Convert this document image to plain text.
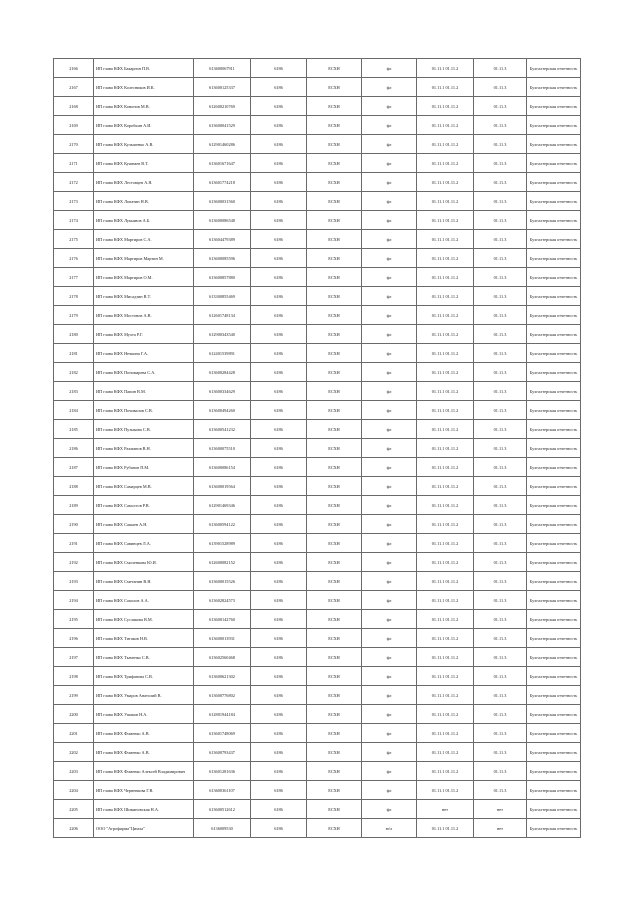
2166	ИП глава КФХ Бакаргин П.В.	613600067911	6186	ЕСХН	фл	01.11.1 01.11.2	01.11.3	Бухгалтерская отчетность
2167	ИП глава КФХ Колесников И.К.	613600125337	6186	ЕСХН	фл	01.11.1 01.11.2	01.11.3	Бухгалтерская отчетность
2168	ИП глава КФХ Кононов М.В.	612600210769	6186	ЕСХН	фл	01.11.1 01.11.2	01.11.3	Бухгалтерская отчетность
2169	ИП глава КФХ Коробкин А.И.	613600041529	6186	ЕСХН	фл	01.11.1 01.11.2	01.11.3	Бухгалтерская отчетность
2170	ИП глава КФХ Кульшенко А.В.	612901460286	6186	ЕСХН	фл	01.11.1 01.11.2	01.11.3	Бухгалтерская отчетность
2171	ИП глава КФХ Кушнаев В.Т.	613601671647	6186	ЕСХН	фл	01.11.1 01.11.2	01.11.3	Бухгалтерская отчетность
2172	ИП глава КФХ Лестовцев А.Я.	613601774218	6186	ЕСХН	фл	01.11.1 01.11.2	01.11.3	Бухгалтерская отчетность
2173	ИП глава КФХ Лопатин Н.В.	613600031560	6186	ЕСХН	фл	01.11.1 01.11.2	01.11.3	Бухгалтерская отчетность
2174	ИП глава КФХ Лукьянов А.Б.	613600086548	6186	ЕСХН	фл	01.11.1 01.11.2	01.11.3	Бухгалтерская отчетность
2175	ИП глава КФХ Мартиров С.А.	613604479389	6186	ЕСХН	фл	01.11.1 01.11.2	01.11.3	Бухгалтерская отчетность
2176	ИП глава КФХ Мартиров Мартин М.	613600085596	6186	ЕСХН	фл	01.11.1 01.11.2	01.11.3	Бухгалтерская отчетность
2177	ИП глава КФХ Мартиров О.М.	613600857880	6186	ЕСХН	фл	01.11.1 01.11.2	01.11.3	Бухгалтерская отчетность
2178	ИП глава КФХ Мисадзин В.Т.	613300855469	6186	ЕСХН	фл	01.11.1 01.11.2	01.11.3	Бухгалтерская отчетность
2179	ИП глава КФХ Мостонов А.В.	612601748134	6186	ЕСХН	фл	01.11.1 01.11.2	01.11.3	Бухгалтерская отчетность
2180	ИП глава КФХ Мухта Р.Г.	612900343540	6186	ЕСХН	фл	01.11.1 01.11.2	01.11.3	Бухгалтерская отчетность
2181	ИП глава КФХ Нечкина Г.А.	612401539891	6186	ЕСХН	фл	01.11.1 01.11.2	01.11.3	Бухгалтерская отчетность
2182	ИП глава КФХ Пономарева С.А.	613600284428	6186	ЕСХН	фл	01.11.1 01.11.2	01.11.3	Бухгалтерская отчетность
2183	ИП глава КФХ Папин В.М.	613600334629	6186	ЕСХН	фл	01.11.1 01.11.2	01.11.3	Бухгалтерская отчетность
2184	ИП глава КФХ Почивалов С.В.	613600494260	6186	ЕСХН	фл	01.11.1 01.11.2	01.11.3	Бухгалтерская отчетность
2185	ИП глава КФХ Пузыкова С.В.	613600541232	6186	ЕСХН	фл	01.11.1 01.11.2	01.11.3	Бухгалтерская отчетность
2186	ИП глава КФХ Рахманов В.Н.	613600075510	6186	ЕСХН	фл	01.11.1 01.11.2	01.11.3	Бухгалтерская отчетность
2187	ИП глава КФХ Рубанов П.М.	613600086154	6186	ЕСХН	фл	01.11.1 01.11.2	01.11.3	Бухгалтерская отчетность
2188	ИП глава КФХ Самарцев М.В.	613600019564	6186	ЕСХН	фл	01.11.1 01.11.2	01.11.3	Бухгалтерская отчетность
2189	ИП глава КФХ Самостов Р.В.	612901469346	6186	ЕСХН	фл	01.11.1 01.11.2	01.11.3	Бухгалтерская отчетность
2190	ИП глава КФХ Сашаев А.Н.	613600594122	6186	ЕСХН	фл	01.11.1 01.11.2	01.11.3	Бухгалтерская отчетность
2191	ИП глава КФХ Савинцев Л.А.	613901528989	6186	ЕСХН	фл	01.11.1 01.11.2	01.11.3	Бухгалтерская отчетность
2192	ИП глава КФХ Смоленкова Ю.И.	612600082152	6186	ЕСХН	фл	01.11.1 01.11.2	01.11.3	Бухгалтерская отчетность
2193	ИП глава КФХ Сметанин В.Н.	613600015526	6186	ЕСХН	фл	01.11.1 01.11.2	01.11.3	Бухгалтерская отчетность
2194	ИП глава КФХ Соколов А.А.	613602824573	6186	ЕСХН	фл	01.11.1 01.11.2	01.11.3	Бухгалтерская отчетность
2195	ИП глава КФХ Суслякова В.М.	613600142760	6186	ЕСХН	фл	01.11.1 01.11.2	01.11.3	Бухгалтерская отчетность
2196	ИП глава КФХ Титаков Н.В.	613600013931	6186	ЕСХН	фл	01.11.1 01.11.2	01.11.3	Бухгалтерская отчетность
2197	ИП глава КФХ Ткаченко С.В.	613602560468	6186	ЕСХН	фл	01.11.1 01.11.2	01.11.3	Бухгалтерская отчетность
2198	ИП глава КФХ Трифанова С.В.	613600621302	6186	ЕСХН	фл	01.11.1 01.11.2	01.11.3	Бухгалтерская отчетность
2199	ИП глава КФХ Умаров Анатолий В.	613600776802	6186	ЕСХН	фл	01.11.1 01.11.2	01.11.3	Бухгалтерская отчетность
2200	ИП глава КФХ Ушаков Н.А.	612801944184	6186	ЕСХН	фл	01.11.1 01.11.2	01.11.3	Бухгалтерская отчетность
2201	ИП глава КФХ Фоменко А.В.	613601748069	6186	ЕСХН	фл	01.11.1 01.11.2	01.11.3	Бухгалтерская отчетность
2202	ИП глава КФХ Фоменко А.В.	613600793437	6186	ЕСХН	фл	01.11.1 01.11.2	01.11.3	Бухгалтерская отчетность
2203	ИП глава КФХ Фоменко Алексей Владимирович	613601281636	6186	ЕСХН	фл	01.11.1 01.11.2	01.11.3	Бухгалтерская отчетность
2204	ИП глава КФХ Черненкова Г.В.	613600361107	6186	ЕСХН	фл	01.11.1 01.11.2	01.11.3	Бухгалтерская отчетность
2205	ИП глава КФХ Шимановская Н.А.	613600512612	6186	ЕСХН	фл	нет	нет	Бухгалтерская отчетность
2206	ООО "Агрофирма"Цимла"	6136009530	6186	ЕСХН	ю/л	01.11.1 01.11.2	нет	Бухгалтерская отчетность
